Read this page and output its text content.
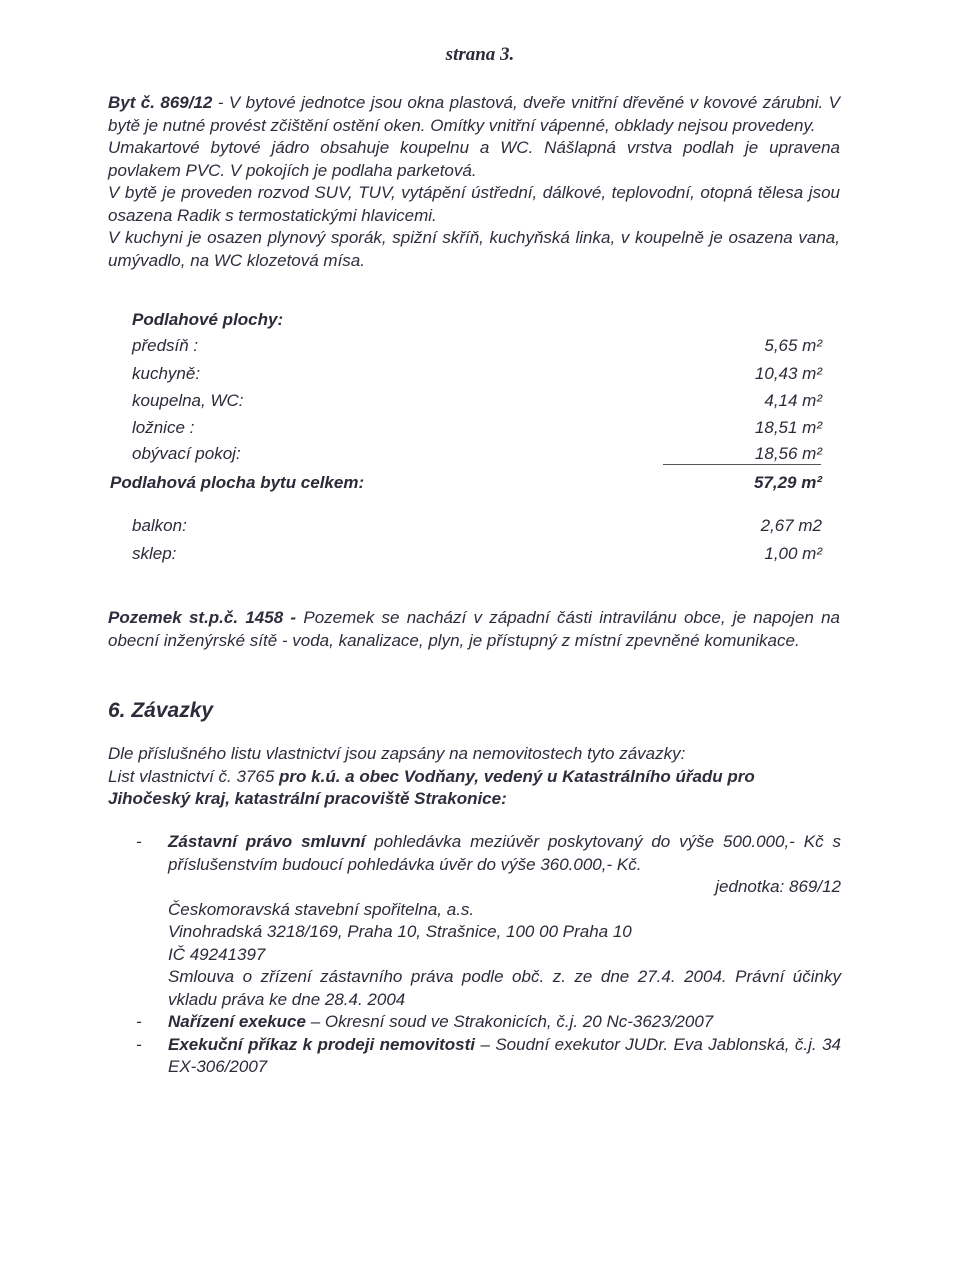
strana 3.

Byt č. 869/12 - V bytové jednotce jsou okna plastová, dveře vnitřní dřevěné v kovové zárubni. V bytě je nutné provést zčištění ostění oken. Omítky vnitřní vápenné, obklady nejsou provedeny.

Umakartové bytové jádro obsahuje koupelnu a WC. Nášlapná vrstva podlah je upravena povlakem PVC. V pokojích je podlaha parketová.

V bytě je proveden rozvod SUV, TUV, vytápění ústřední, dálkové, teplovodní, otopná tělesa jsou osazena Radik s termostatickými hlavicemi.

V kuchyni je osazen plynový sporák, spižní skříň, kuchyňská linka, v koupelně je osazena vana, umývadlo, na WC klozetová mísa.

Podlahové plochy:
předsíň :	5,65 m²
kuchyně:	10,43 m²
koupelna, WC:	4,14 m²
ložnice :	18,51 m²
obývací pokoj:	18,56 m²
Podlahová plocha bytu celkem:	57,29 m²
balkon:	2,67 m2
sklep:	1,00 m²

Pozemek st.p.č. 1458 - Pozemek se nachází v západní části intravilánu obce, je napojen na obecní inženýrské sítě - voda, kanalizace, plyn, je přístupný z místní zpevněné komunikace.

6. Závazky

Dle příslušného listu vlastnictví jsou zapsány na nemovitostech tyto závazky:

List vlastnictví č. 3765 pro k.ú. a obec Vodňany, vedený u Katastrálního úřadu pro Jihočeský kraj, katastrální pracoviště Strakonice:

- Zástavní právo smluvní pohledávka meziúvěr poskytovaný do výše 500.000,- Kč s příslušenstvím budoucí pohledávka úvěr do výše 360.000,- Kč.

jednotka: 869/12

Českomoravská stavební spořitelna, a.s.

Vinohradská 3218/169, Praha 10, Strašnice, 100 00 Praha 10

IČ 49241397

Smlouva o zřízení zástavního práva podle obč. z. ze dne 27.4. 2004. Právní účinky vkladu práva ke dne 28.4. 2004

- Nařízení exekuce – Okresní soud ve Strakonicích, č.j. 20 Nc-3623/2007

- Exekuční příkaz k prodeji nemovitosti – Soudní exekutor JUDr. Eva Jablonská, č.j. 34 EX-306/2007
